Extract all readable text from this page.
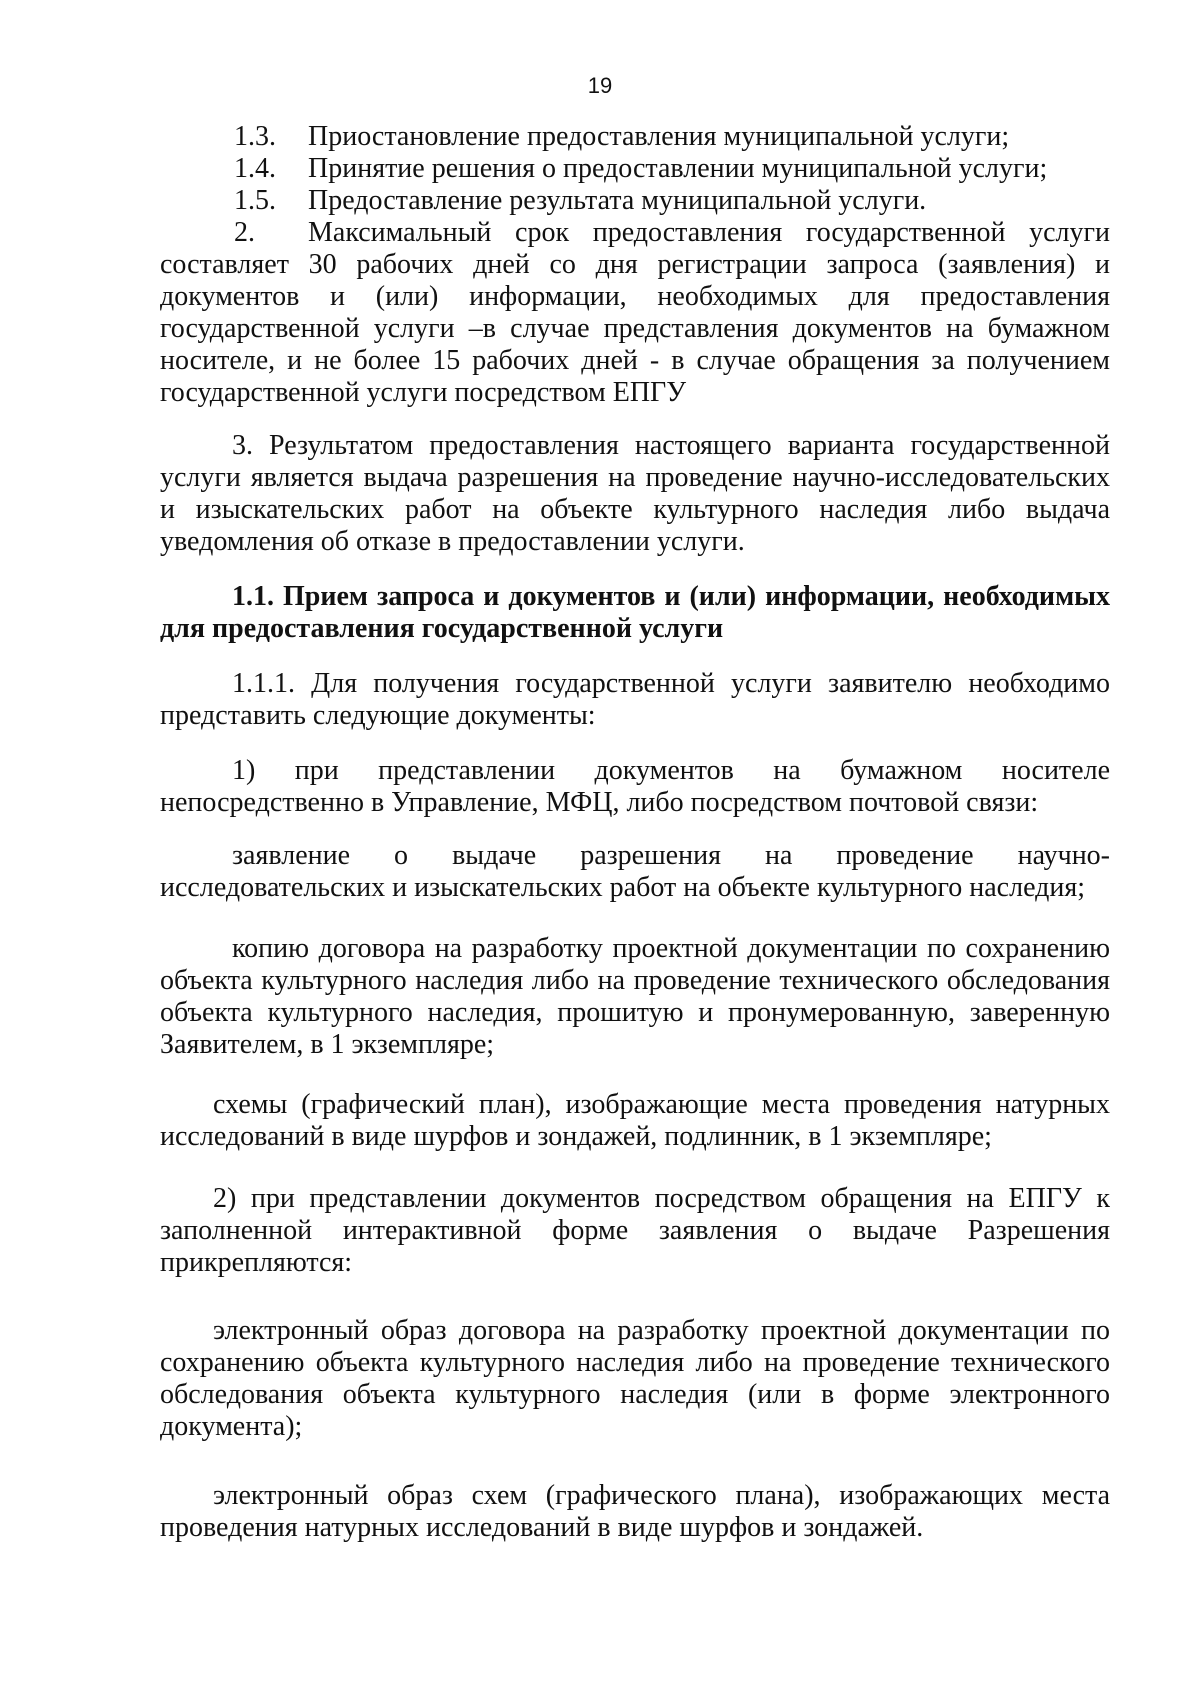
19

1.3. Приостановление предоставления муниципальной услуги;

1.4. Принятие решения о предоставлении муниципальной услуги;

1.5. Предоставление результата муниципальной услуги.

2. Максимальный срок предоставления государственной услуги составляет 30 рабочих дней со дня регистрации запроса (заявления) и документов и (или) информации, необходимых для предоставления государственной услуги –в случае представления документов на бумажном носителе, и не более 15 рабочих дней - в случае обращения за получением государственной услуги посредством ЕПГУ

3. Результатом предоставления настоящего варианта государственной услуги является выдача разрешения на проведение научно-исследовательских и изыскательских работ на объекте культурного наследия либо выдача уведомления об отказе в предоставлении услуги.

1.1. Прием запроса и документов и (или) информации, необходимых для предоставления государственной услуги

1.1.1. Для получения государственной услуги заявителю необходимо представить следующие документы:

1) при представлении документов на бумажном носителе непосредственно в Управление, МФЦ, либо посредством почтовой связи:

заявление о выдаче разрешения на проведение научно-исследовательских и изыскательских работ на объекте культурного наследия;

копию договора на разработку проектной документации по сохранению объекта культурного наследия либо на проведение технического обследования объекта культурного наследия, прошитую и пронумерованную, заверенную Заявителем, в 1 экземпляре;

схемы (графический план), изображающие места проведения натурных исследований в виде шурфов и зондажей, подлинник, в 1 экземпляре;

2) при представлении документов посредством обращения на ЕПГУ к заполненной интерактивной форме заявления о выдаче Разрешения прикрепляются:

электронный образ договора на разработку проектной документации по сохранению объекта культурного наследия либо на проведение технического обследования объекта культурного наследия (или в форме электронного документа);

электронный образ схем (графического плана), изображающих места проведения натурных исследований в виде шурфов и зондажей.
